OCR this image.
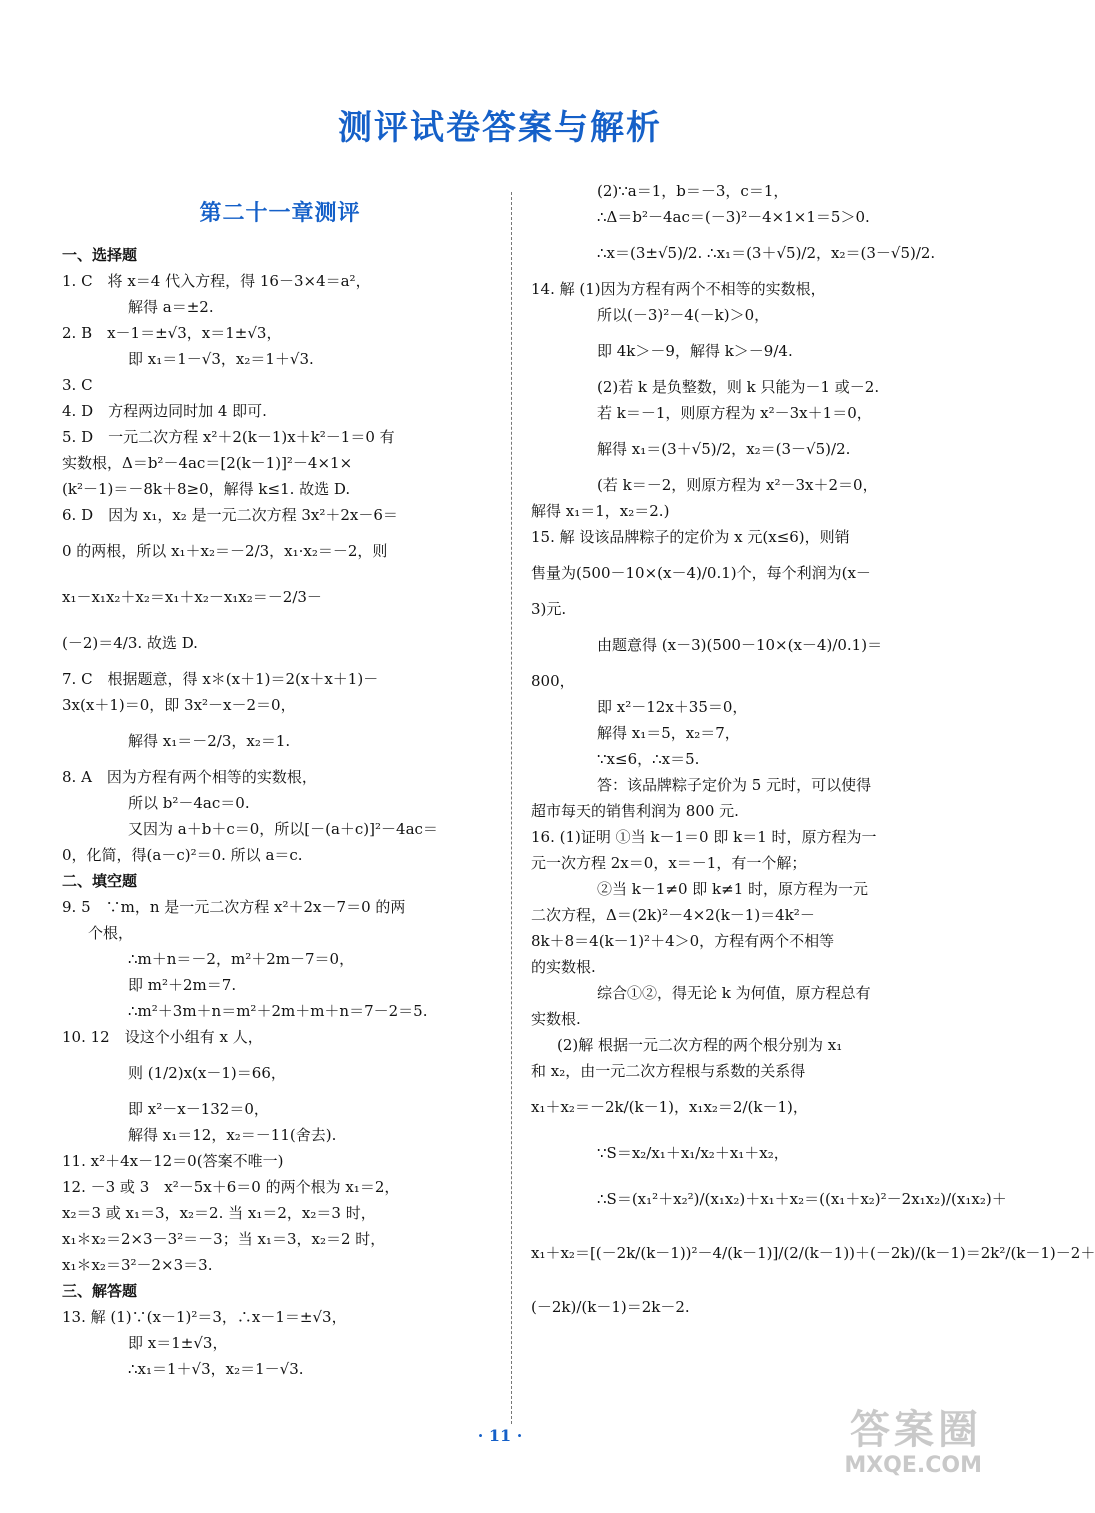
测评试卷答案与解析
第二十一章测评
一、选择题
1. C　将 x＝4 代入方程，得 16－3×4＝a²，
解得 a＝±2.
2. B　x－1＝±√3，x＝1±√3，
即 x₁＝1－√3，x₂＝1＋√3.
3. C
4. D　方程两边同时加 4 即可.
5. D　一元二次方程 x²＋2(k－1)x＋k²－1＝0 有
实数根，Δ＝b²－4ac＝[2(k－1)]²－4×1×
(k²－1)＝－8k＋8≥0，解得 k≤1. 故选 D.
6. D　因为 x₁，x₂ 是一元二次方程 3x²＋2x－6＝
0 的两根，所以 x₁＋x₂＝－2/3，x₁·x₂＝－2，则
x₁－x₁x₂＋x₂＝x₁＋x₂－x₁x₂＝－2/3－
(－2)＝4/3. 故选 D.
7. C　根据题意，得 x＊(x＋1)＝2(x＋x＋1)－
3x(x＋1)＝0，即 3x²－x－2＝0，
解得 x₁＝－2/3，x₂＝1.
8. A　因为方程有两个相等的实数根，
所以 b²－4ac＝0.
又因为 a＋b＋c＝0，所以[－(a＋c)]²－4ac＝
0，化简，得(a－c)²＝0. 所以 a＝c.
二、填空题
9. 5　∵m，n 是一元二次方程 x²＋2x－7＝0 的两
个根，
∴m＋n＝－2，m²＋2m－7＝0，
即 m²＋2m＝7.
∴m²＋3m＋n＝m²＋2m＋m＋n＝7－2＝5.
10. 12　设这个小组有 x 人，
则 (1/2)x(x－1)＝66，
即 x²－x－132＝0，
解得 x₁＝12，x₂＝－11(舍去).
11. x²＋4x－12＝0(答案不唯一)
12. －3 或 3　x²－5x＋6＝0 的两个根为 x₁＝2，
x₂＝3 或 x₁＝3，x₂＝2. 当 x₁＝2，x₂＝3 时，
x₁＊x₂＝2×3－3²＝－3；当 x₁＝3，x₂＝2 时，
x₁＊x₂＝3²－2×3＝3.
三、解答题
13. 解 (1)∵(x－1)²＝3，∴x－1＝±√3，
即 x＝1±√3，
∴x₁＝1＋√3，x₂＝1－√3.
(2)∵a＝1，b＝－3，c＝1，
∴Δ＝b²－4ac＝(－3)²－4×1×1＝5＞0.
∴x＝(3±√5)/2. ∴x₁＝(3＋√5)/2，x₂＝(3－√5)/2.
14. 解 (1)因为方程有两个不相等的实数根，
所以(－3)²－4(－k)＞0，
即 4k＞－9，解得 k＞－9/4.
(2)若 k 是负整数，则 k 只能为－1 或－2.
若 k＝－1，则原方程为 x²－3x＋1＝0，
解得 x₁＝(3＋√5)/2，x₂＝(3－√5)/2.
(若 k＝－2，则原方程为 x²－3x＋2＝0，
解得 x₁＝1，x₂＝2.)
15. 解 设该品牌粽子的定价为 x 元(x≤6)，则销
售量为(500－10×(x－4)/0.1)个，每个利润为(x－
3)元.
由题意得 (x－3)(500－10×(x－4)/0.1)＝
800，
即 x²－12x＋35＝0，
解得 x₁＝5，x₂＝7，
∵x≤6，∴x＝5.
答：该品牌粽子定价为 5 元时，可以使得
超市每天的销售利润为 800 元.
16. (1)证明 ①当 k－1＝0 即 k＝1 时，原方程为一
元一次方程 2x＝0，x＝－1，有一个解；
②当 k－1≠0 即 k≠1 时，原方程为一元
二次方程，Δ＝(2k)²－4×2(k－1)＝4k²－
8k＋8＝4(k－1)²＋4＞0，方程有两个不相等
的实数根.
综合①②，得无论 k 为何值，原方程总有
实数根.
(2)解 根据一元二次方程的两个根分别为 x₁
和 x₂，由一元二次方程根与系数的关系得
x₁＋x₂＝－2k/(k－1)，x₁x₂＝2/(k－1)，
∵S＝x₂/x₁＋x₁/x₂＋x₁＋x₂，
∴S＝(x₁²＋x₂²)/(x₁x₂)＋x₁＋x₂＝((x₁＋x₂)²－2x₁x₂)/(x₁x₂)＋
x₁＋x₂＝[(－2k/(k－1))²－4/(k－1)]/(2/(k－1))＋(－2k)/(k－1)＝2k²/(k－1)－2＋
(－2k)/(k－1)＝2k－2.
· 11 ·	答案圈
MXQE.COM
